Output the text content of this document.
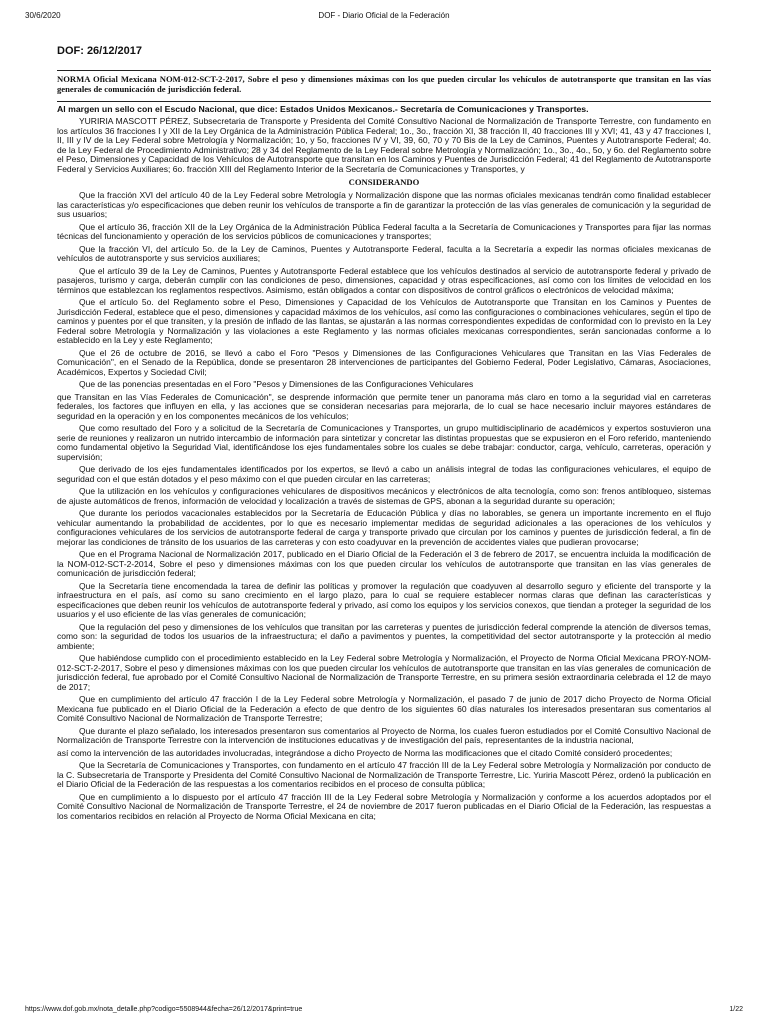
30/6/2020	DOF - Diario Oficial de la Federación
DOF: 26/12/2017
NORMA Oficial Mexicana NOM-012-SCT-2-2017, Sobre el peso y dimensiones máximas con los que pueden circular los vehículos de autotransporte que transitan en las vías generales de comunicación de jurisdicción federal.
Al margen un sello con el Escudo Nacional, que dice: Estados Unidos Mexicanos.- Secretaría de Comunicaciones y Transportes.

YURIRIA MASCOTT PÉREZ, Subsecretaria de Transporte y Presidenta del Comité Consultivo Nacional de Normalización de Transporte Terrestre, con fundamento en los artículos 36 fracciones I y XII de la Ley Orgánica de la Administración Pública Federal; 1o., 3o., fracción XI, 38 fracción II, 40 fracciones III y XVI; 41, 43 y 47 fracciones I, II, III y IV de la Ley Federal sobre Metrología y Normalización; 1o, y 5o, fracciones IV y VI, 39, 60, 70 y 70 Bis de la Ley de Caminos, Puentes y Autotransporte Federal; 4o. de la Ley Federal de Procedimiento Administrativo; 28 y 34 del Reglamento de la Ley Federal sobre Metrología y Normalización; 1o., 3o., 4o., 5o, y 6o. del Reglamento sobre el Peso, Dimensiones y Capacidad de los Vehículos de Autotransporte que transitan en los Caminos y Puentes de Jurisdicción Federal; 41 del Reglamento de Autotransporte Federal y Servicios Auxiliares; 6o. fracción XIII del Reglamento Interior de la Secretaría de Comunicaciones y Transportes, y

CONSIDERANDO

Que la fracción XVI del artículo 40 de la Ley Federal sobre Metrología y Normalización dispone que las normas oficiales mexicanas tendrán como finalidad establecer las características y/o especificaciones que deben reunir los vehículos de transporte a fin de garantizar la protección de las vías generales de comunicación y la seguridad de sus usuarios;

Que el artículo 36, fracción XII de la Ley Orgánica de la Administración Pública Federal faculta a la Secretaría de Comunicaciones y Transportes para fijar las normas técnicas del funcionamiento y operación de los servicios públicos de comunicaciones y transportes;

Que la fracción VI, del artículo 5o. de la Ley de Caminos, Puentes y Autotransporte Federal, faculta a la Secretaría a expedir las normas oficiales mexicanas de vehículos de autotransporte y sus servicios auxiliares;

Que el artículo 39 de la Ley de Caminos, Puentes y Autotransporte Federal establece que los vehículos destinados al servicio de autotransporte federal y privado de pasajeros, turismo y carga, deberán cumplir con las condiciones de peso, dimensiones, capacidad y otras especificaciones, así como con los límites de velocidad en los términos que establezcan los reglamentos respectivos. Asimismo, están obligados a contar con dispositivos de control gráficos o electrónicos de velocidad máxima;

Que el artículo 5o. del Reglamento sobre el Peso, Dimensiones y Capacidad de los Vehículos de Autotransporte que Transitan en los Caminos y Puentes de Jurisdicción Federal, establece que el peso, dimensiones y capacidad máximos de los vehículos, así como las configuraciones o combinaciones vehiculares, según el tipo de caminos y puentes por el que transiten, y la presión de inflado de las llantas, se ajustarán a las normas correspondientes expedidas de conformidad con lo previsto en la Ley Federal sobre Metrología y Normalización y las violaciones a este Reglamento y las normas oficiales mexicanas correspondientes, serán sancionadas conforme a lo establecido en la Ley y este Reglamento;

Que el 26 de octubre de 2016, se llevó a cabo el Foro "Pesos y Dimensiones de las Configuraciones Vehiculares que Transitan en las Vías Federales de Comunicación", en el Senado de la República, donde se presentaron 28 intervenciones de participantes del Gobierno Federal, Poder Legislativo, Cámaras, Asociaciones, Académicos, Expertos y Sociedad Civil;

Que de las ponencias presentadas en el Foro "Pesos y Dimensiones de las Configuraciones Vehiculares

que Transitan en las Vías Federales de Comunicación", se desprende información que permite tener un panorama más claro en torno a la seguridad vial en carreteras federales, los factores que influyen en ella, y las acciones que se consideran necesarias para mejorarla, de lo cual se hace necesario incluir mayores estándares de seguridad en la operación y en los componentes mecánicos de los vehículos;

Que como resultado del Foro y a solicitud de la Secretaría de Comunicaciones y Transportes, un grupo multidisciplinario de académicos y expertos sostuvieron una serie de reuniones y realizaron un nutrido intercambio de información para sintetizar y concretar las distintas propuestas que se expusieron en el Foro referido, manteniendo como fundamental objetivo la Seguridad Vial, identificándose los ejes fundamentales sobre los cuales se debe trabajar: conductor, carga, vehículo, carreteras, operación y supervisión;

Que derivado de los ejes fundamentales identificados por los expertos, se llevó a cabo un análisis integral de todas las configuraciones vehiculares, el equipo de seguridad con el que están dotados y el peso máximo con el que pueden circular en las carreteras;

Que la utilización en los vehículos y configuraciones vehiculares de dispositivos mecánicos y electrónicos de alta tecnología, como son: frenos antibloqueo, sistemas de ajuste automáticos de frenos, información de velocidad y localización a través de sistemas de GPS, abonan a la seguridad durante su operación;

Que durante los periodos vacacionales establecidos por la Secretaría de Educación Pública y días no laborables, se genera un importante incremento en el flujo vehicular aumentando la probabilidad de accidentes, por lo que es necesario implementar medidas de seguridad adicionales a las operaciones de los vehículos y configuraciones vehiculares de los servicios de autotransporte federal de carga y transporte privado que circulan por los caminos y puentes de jurisdicción federal, a fin de mejorar las condiciones de tránsito de los usuarios de las carreteras y con esto coadyuvar en la prevención de accidentes viales que pudieran provocarse;

Que en el Programa Nacional de Normalización 2017, publicado en el Diario Oficial de la Federación el 3 de febrero de 2017, se encuentra incluida la modificación de la NOM-012-SCT-2-2014, Sobre el peso y dimensiones máximas con los que pueden circular los vehículos de autotransporte que transitan en las vías generales de comunicación de jurisdicción federal;

Que la Secretaría tiene encomendada la tarea de definir las políticas y promover la regulación que coadyuven al desarrollo seguro y eficiente del transporte y la infraestructura en el país, así como su sano crecimiento en el largo plazo, para lo cual se requiere establecer normas claras que definan las características y especificaciones que deben reunir los vehículos de autotransporte federal y privado, así como los equipos y los servicios conexos, que tiendan a proteger la seguridad de los usuarios y el uso eficiente de las vías generales de comunicación;

Que la regulación del peso y dimensiones de los vehículos que transitan por las carreteras y puentes de jurisdicción federal comprende la atención de diversos temas, como son: la seguridad de todos los usuarios de la infraestructura; el daño a pavimentos y puentes, la competitividad del sector autotransporte y la protección al medio ambiente;

Que habiéndose cumplido con el procedimiento establecido en la Ley Federal sobre Metrología y Normalización, el Proyecto de Norma Oficial Mexicana PROY-NOM-012-SCT-2-2017, Sobre el peso y dimensiones máximas con los que pueden circular los vehículos de autotransporte que transitan en las vías generales de comunicación de jurisdicción federal, fue aprobado por el Comité Consultivo Nacional de Normalización de Transporte Terrestre, en su primera sesión extraordinaria celebrada el 12 de mayo de 2017;

Que en cumplimiento del artículo 47 fracción I de la Ley Federal sobre Metrología y Normalización, el pasado 7 de junio de 2017 dicho Proyecto de Norma Oficial Mexicana fue publicado en el Diario Oficial de la Federación a efecto de que dentro de los siguientes 60 días naturales los interesados presentaran sus comentarios al Comité Consultivo Nacional de Normalización de Transporte Terrestre;

Que durante el plazo señalado, los interesados presentaron sus comentarios al Proyecto de Norma, los cuales fueron estudiados por el Comité Consultivo Nacional de Normalización de Transporte Terrestre con la intervención de instituciones educativas y de investigación del país, representantes de la industria nacional,

así como la intervención de las autoridades involucradas, integrándose a dicho Proyecto de Norma las modificaciones que el citado Comité consideró procedentes;

Que la Secretaría de Comunicaciones y Transportes, con fundamento en el artículo 47 fracción III de la Ley Federal sobre Metrología y Normalización por conducto de la C. Subsecretaria de Transporte y Presidenta del Comité Consultivo Nacional de Normalización de Transporte Terrestre, Lic. Yuriria Mascott Pérez, ordenó la publicación en el Diario Oficial de la Federación de las respuestas a los comentarios recibidos en el proceso de consulta pública;

Que en cumplimiento a lo dispuesto por el artículo 47 fracción III de la Ley Federal sobre Metrología y Normalización y conforme a los acuerdos adoptados por el Comité Consultivo Nacional de Normalización de Transporte Terrestre, el 24 de noviembre de 2017 fueron publicadas en el Diario Oficial de la Federación, las respuestas a los comentarios recibidos en relación al Proyecto de Norma Oficial Mexicana en cita;

https://www.dof.gob.mx/nota_detalle.php?codigo=5508944&fecha=26/12/2017&print=true	1/22
